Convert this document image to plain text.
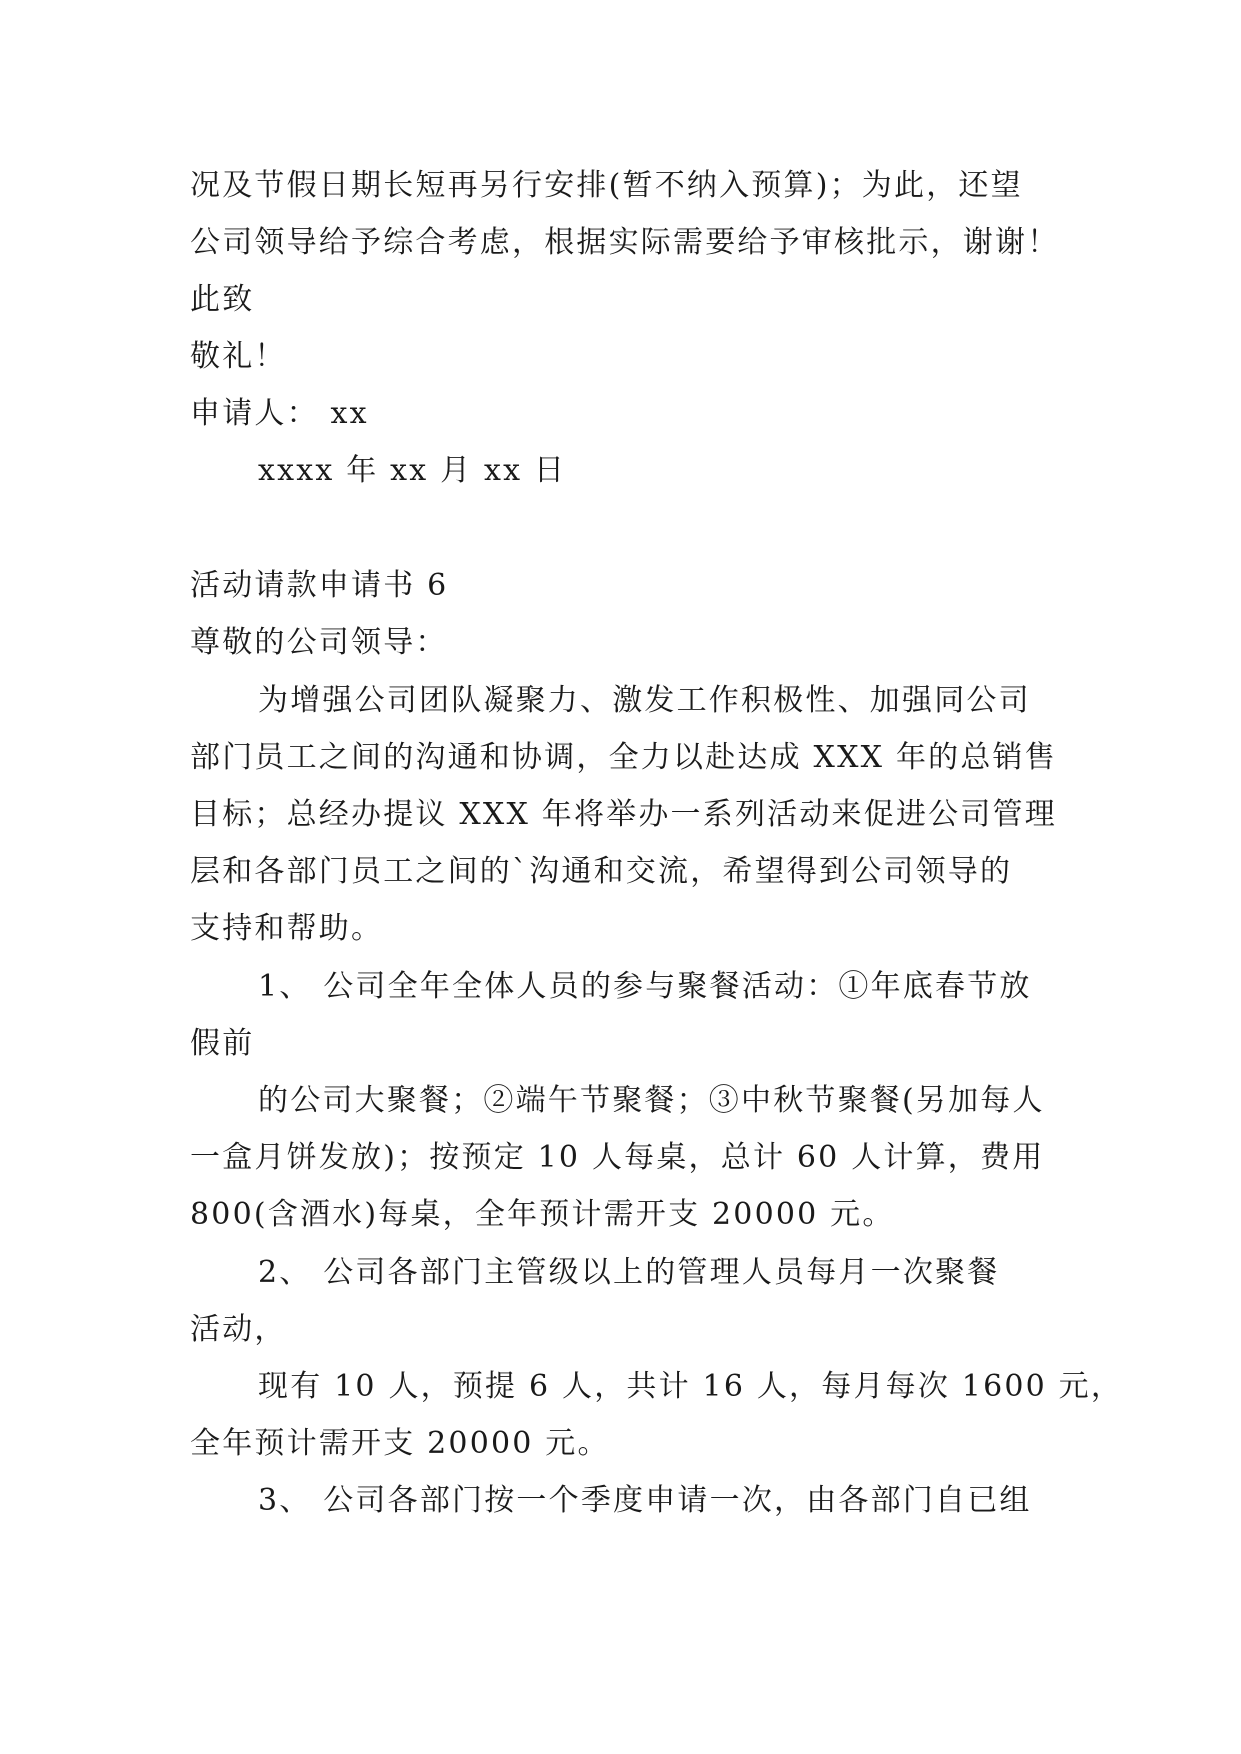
况及节假日期长短再另行安排(暂不纳入预算)；为此，还望
公司领导给予综合考虑，根据实际需要给予审核批示，谢谢！
此致
敬礼！
申请人： xx
xxxx 年 xx 月 xx 日
活动请款申请书 6
尊敬的公司领导：
为增强公司团队凝聚力、激发工作积极性、加强同公司
部门员工之间的沟通和协调，全力以赴达成 XXX 年的总销售
目标；总经办提议 XXX 年将举办一系列活动来促进公司管理
层和各部门员工之间的`沟通和交流，希望得到公司领导的
支持和帮助。
1、 公司全年全体人员的参与聚餐活动：①年底春节放
假前
的公司大聚餐；②端午节聚餐；③中秋节聚餐(另加每人
一盒月饼发放)；按预定 10 人每桌，总计 60 人计算，费用
800(含酒水)每桌，全年预计需开支 20000 元。
2、 公司各部门主管级以上的管理人员每月一次聚餐
活动，
现有 10 人，预提 6 人，共计 16 人，每月每次 1600 元，
全年预计需开支 20000 元。
3、 公司各部门按一个季度申请一次，由各部门自已组
